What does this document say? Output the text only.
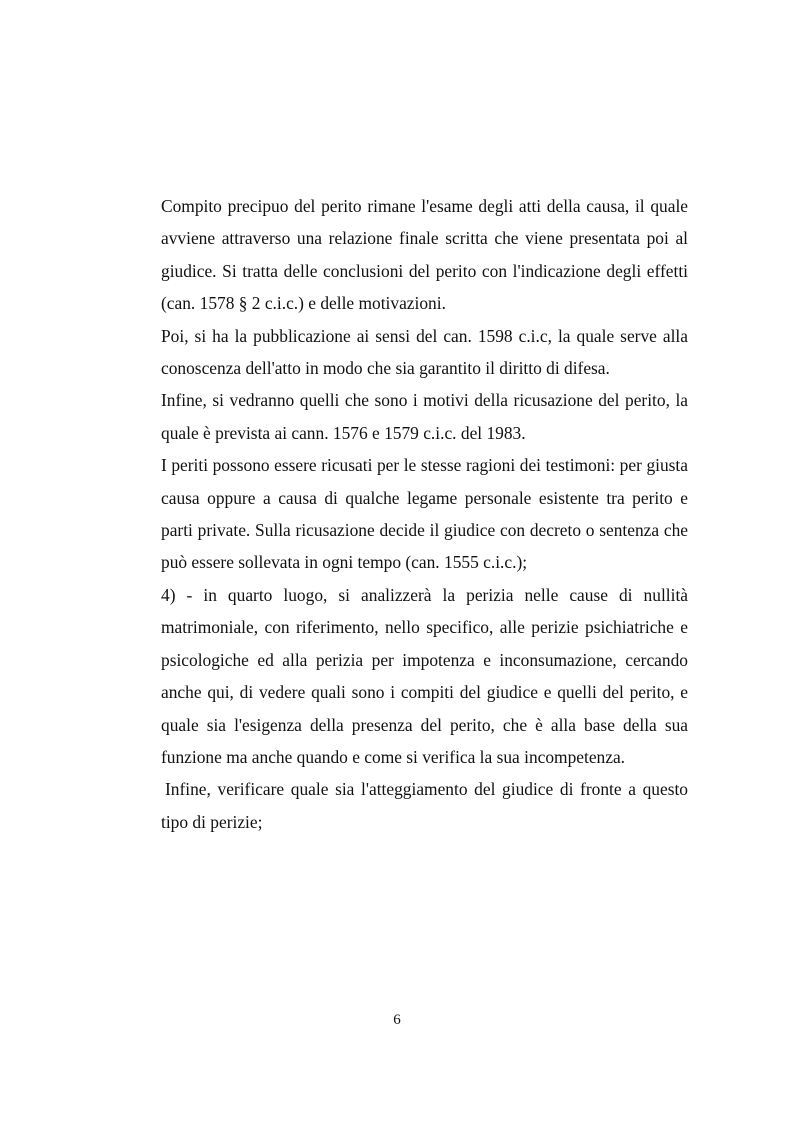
Compito precipuo del perito rimane l'esame degli atti della causa, il quale avviene attraverso una relazione finale scritta che viene presentata poi al giudice. Si tratta delle conclusioni del perito con l'indicazione degli effetti (can. 1578 § 2 c.i.c.) e delle motivazioni.

Poi, si ha la pubblicazione ai sensi del can. 1598 c.i.c, la quale serve alla conoscenza dell'atto in modo che sia garantito il diritto di difesa.

Infine, si vedranno quelli che sono i motivi della ricusazione del perito, la quale è prevista ai cann. 1576 e 1579 c.i.c. del 1983.

I periti possono essere ricusati per le stesse ragioni dei testimoni: per giusta causa oppure a causa di qualche legame personale esistente tra perito e parti private. Sulla ricusazione decide il giudice con decreto o sentenza che può essere sollevata in ogni tempo (can. 1555 c.i.c.);

4) - in quarto luogo, si analizzerà la perizia nelle cause di nullità matrimoniale, con riferimento, nello specifico, alle perizie psichiatriche e psicologiche ed alla perizia per impotenza e inconsumazione, cercando anche qui, di vedere quali sono i compiti del giudice e quelli del perito, e quale sia l'esigenza della presenza del perito, che è alla base della sua funzione ma anche quando e come si verifica la sua incompetenza.

Infine, verificare quale sia l'atteggiamento del giudice di fronte a questo tipo di perizie;

6
